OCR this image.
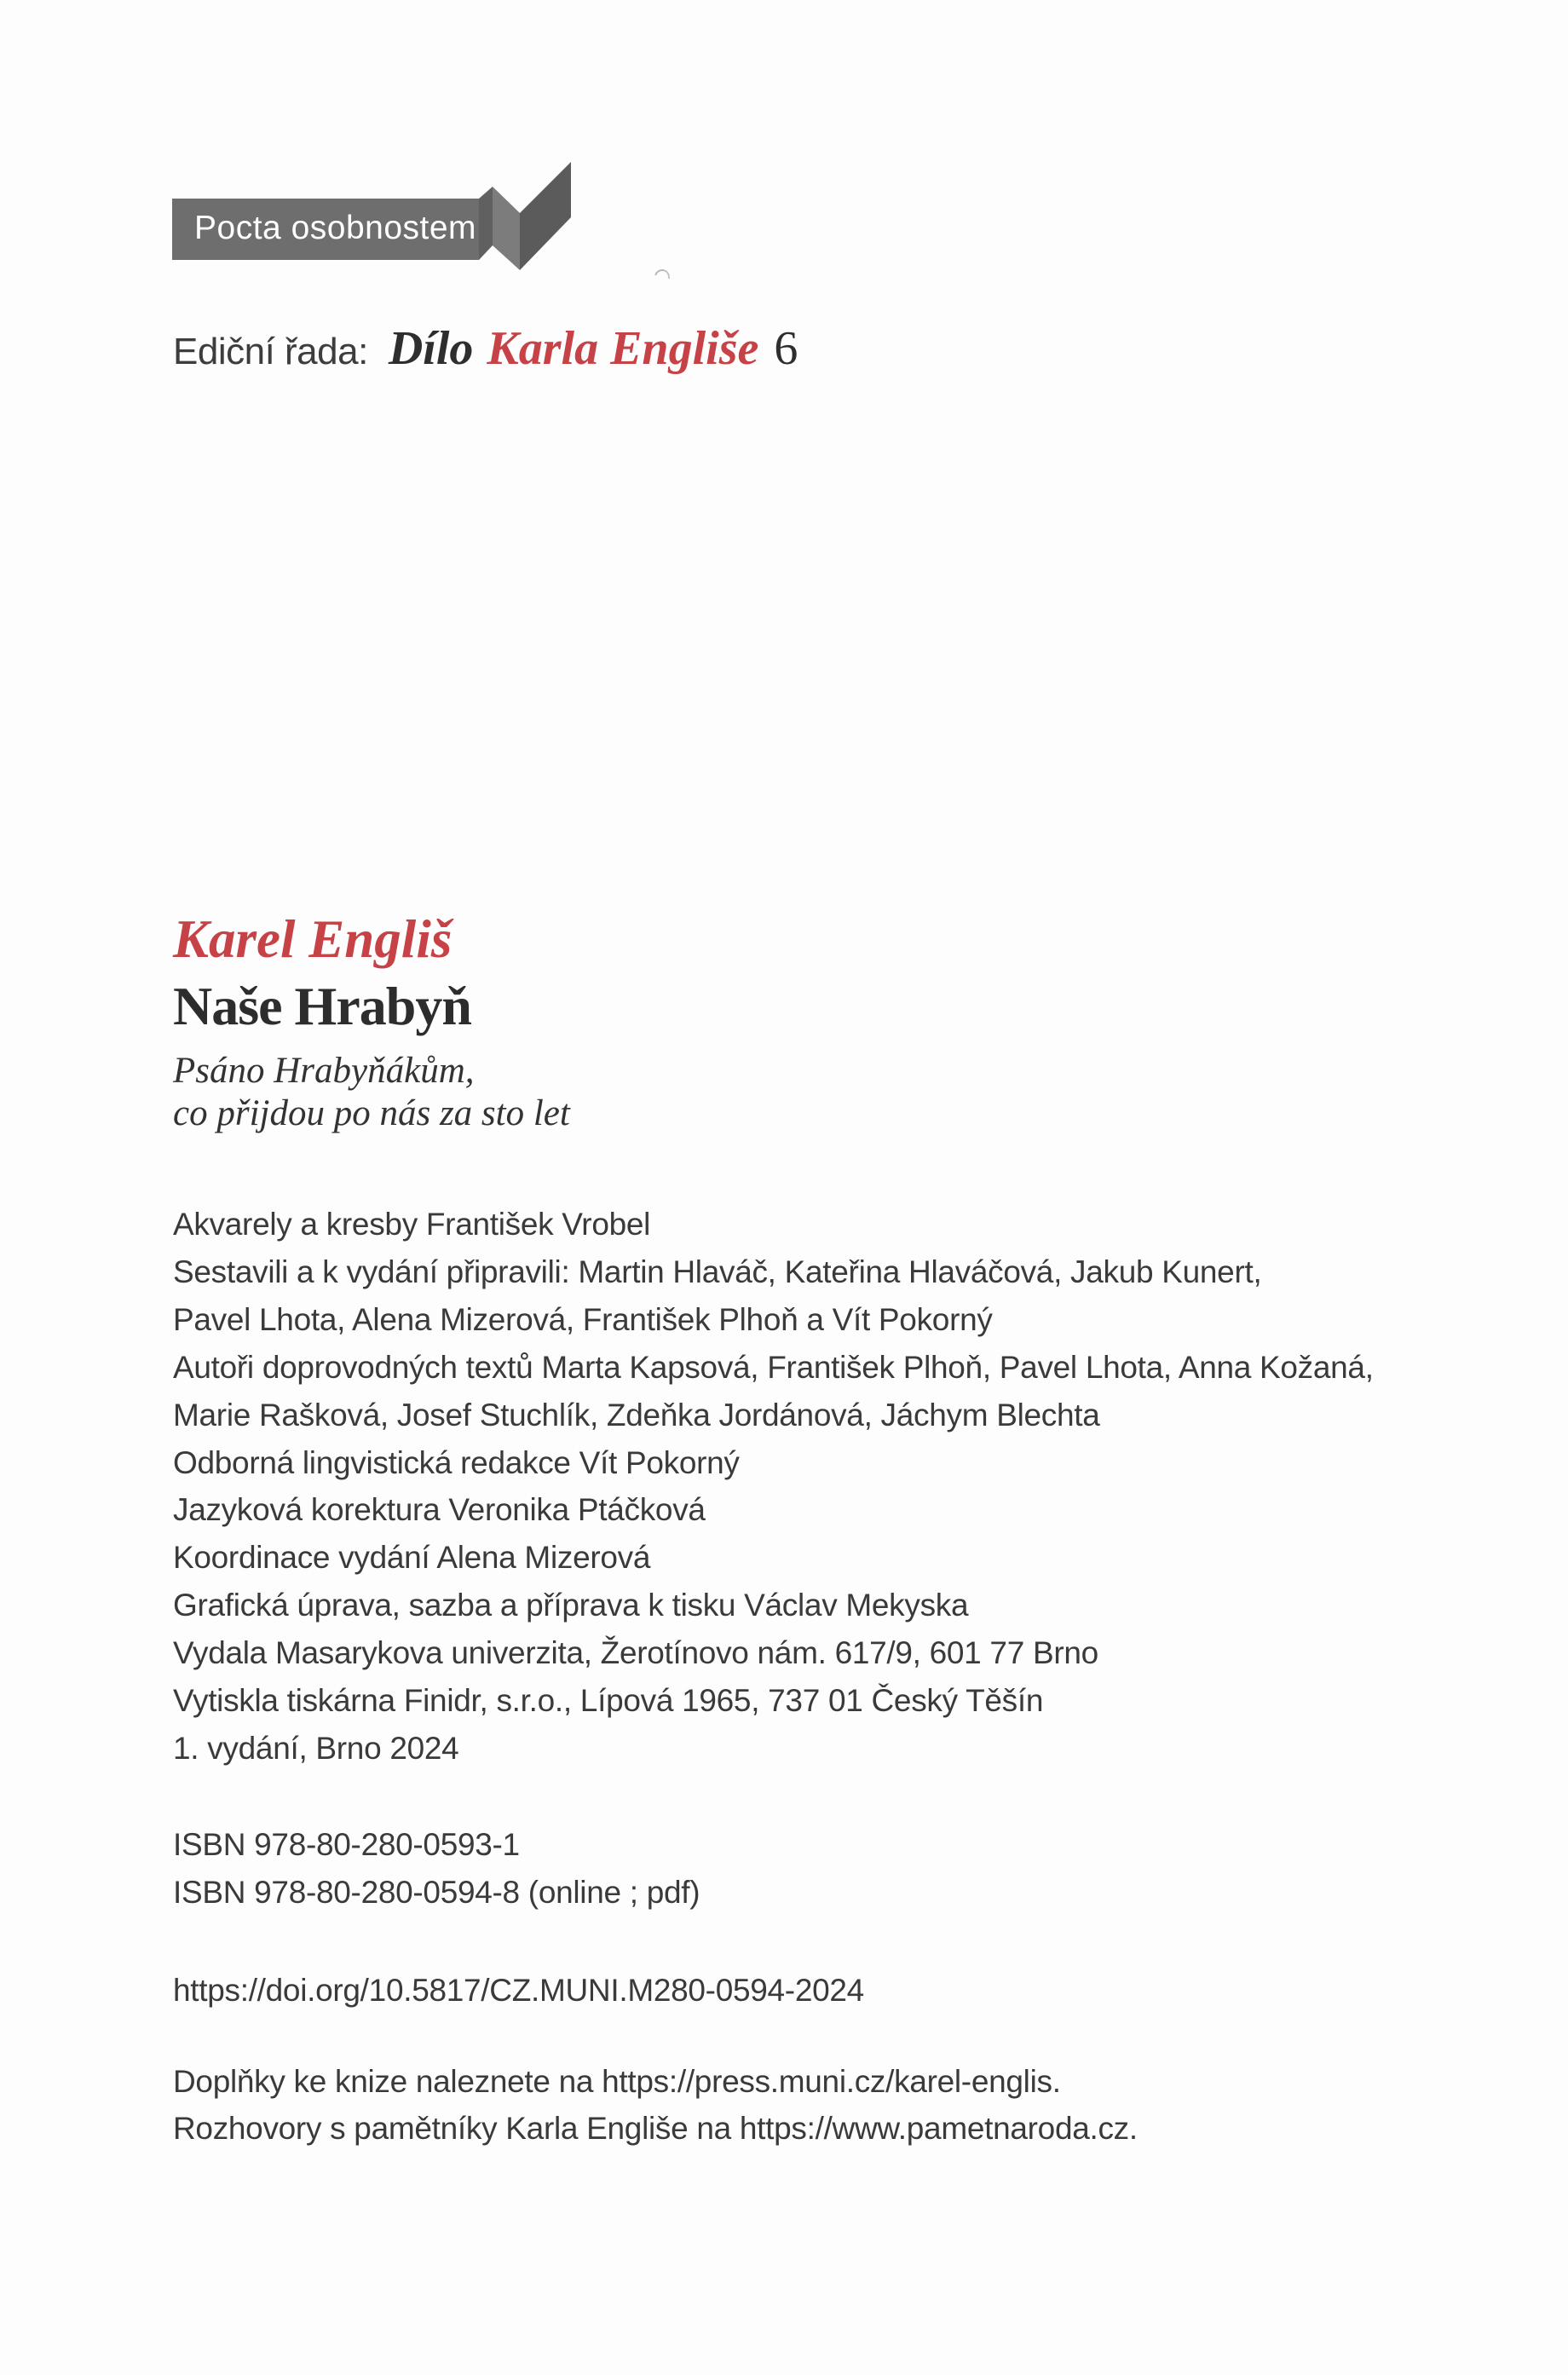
Pocta osobnostem
Ediční řada: Dílo Karla Engliše 6
Karel Engliš
Naše Hrabyň
Psáno Hrabyňákům,
co přijdou po nás za sto let
Akvarely a kresby František Vrobel
Sestavili a k vydání připravili: Martin Hlaváč, Kateřina Hlaváčová, Jakub Kunert,
Pavel Lhota, Alena Mizerová, František Plhoň a Vít Pokorný
Autoři doprovodných textů Marta Kapsová, František Plhoň, Pavel Lhota, Anna Kožaná,
Marie Rašková, Josef Stuchlík, Zdeňka Jordánová, Jáchym Blechta
Odborná lingvistická redakce Vít Pokorný
Jazyková korektura Veronika Ptáčková
Koordinace vydání Alena Mizerová
Grafická úprava, sazba a příprava k tisku Václav Mekyska
Vydala Masarykova univerzita, Žerotínovo nám. 617/9, 601 77 Brno
Vytiskla tiskárna Finidr, s.r.o., Lípová 1965, 737 01 Český Těšín
1. vydání, Brno 2024
ISBN 978-80-280-0593-1
ISBN 978-80-280-0594-8 (online ; pdf)
https://doi.org/10.5817/CZ.MUNI.M280-0594-2024
Doplňky ke knize naleznete na https://press.muni.cz/karel-englis.
Rozhovory s pamětníky Karla Engliše na https://www.pametnaroda.cz.
